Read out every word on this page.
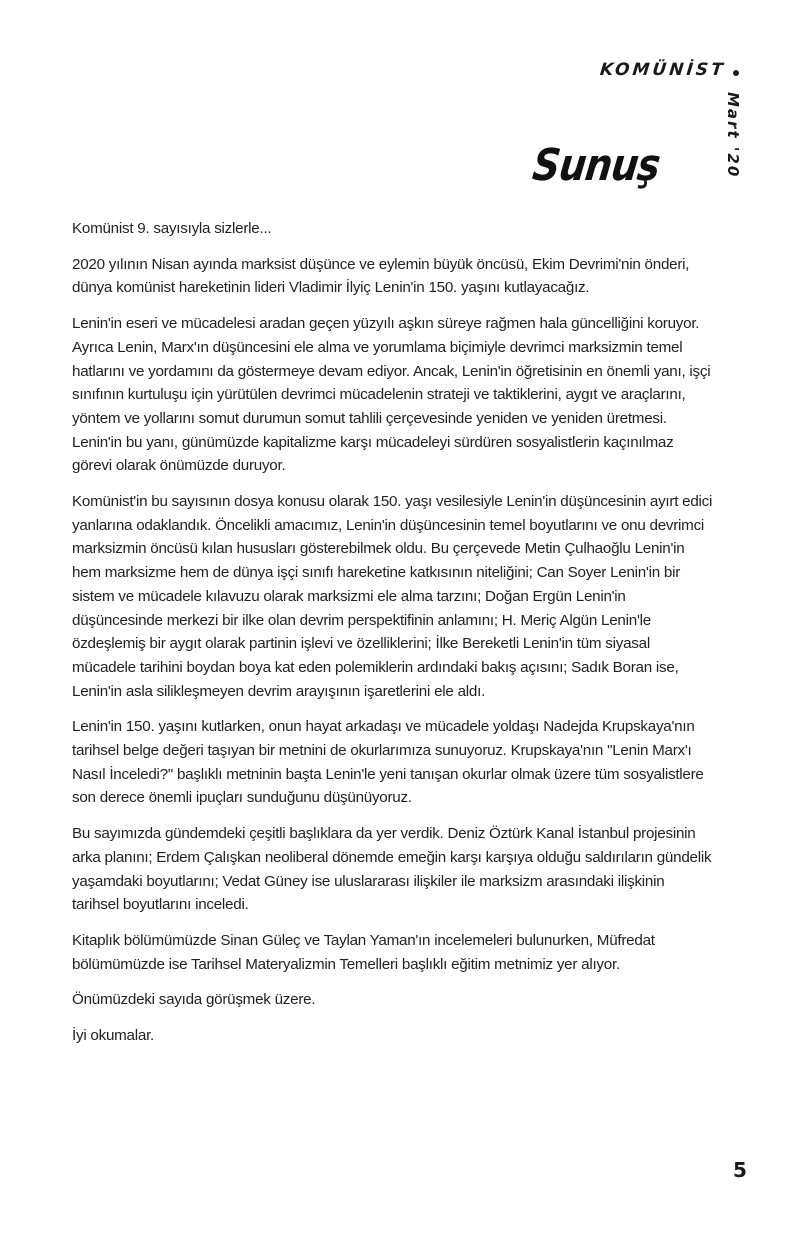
KOMÜNİST
Mart '20
Sunuş

Komünist 9. sayısıyla sizlerle...

2020 yılının Nisan ayında marksist düşünce ve eylemin büyük öncüsü, Ekim Devrimi'nin önderi, dünya komünist hareketinin lideri Vladimir İlyiç Lenin'in 150. yaşını kutlayacağız.

Lenin'in eseri ve mücadelesi aradan geçen yüzyılı aşkın süreye rağmen hala güncelliğini koruyor. Ayrıca Lenin, Marx'ın düşüncesini ele alma ve yorumlama biçimiyle devrimci marksizmin temel hatlarını ve yordamını da göstermeye devam ediyor. Ancak, Lenin'in öğretisinin en önemli yanı, işçi sınıfının kurtuluşu için yürütülen devrimci mücadelenin strateji ve taktiklerini, aygıt ve araçlarını, yöntem ve yollarını somut durumun somut tahlili çerçevesinde yeniden ve yeniden üretmesi. Lenin'in bu yanı, günümüzde kapitalizme karşı mücadeleyi sürdüren sosyalistlerin kaçınılmaz görevi olarak önümüzde duruyor.

Komünist'in bu sayısının dosya konusu olarak 150. yaşı vesilesiyle Lenin'in düşüncesinin ayırt edici yanlarına odaklandık. Öncelikli amacımız, Lenin'in düşüncesinin temel boyutlarını ve onu devrimci marksizmin öncüsü kılan hususları gösterebilmek oldu. Bu çerçevede Metin Çulhaoğlu Lenin'in hem marksizme hem de dünya işçi sınıfı hareketine katkısının niteliğini; Can Soyer Lenin'in bir sistem ve mücadele kılavuzu olarak marksizmi ele alma tarzını; Doğan Ergün Lenin'in düşüncesinde merkezi bir ilke olan devrim perspektifinin anlamını; H. Meriç Algün Lenin'le özdeşlemiş bir aygıt olarak partinin işlevi ve özelliklerini; İlke Bereketli Lenin'in tüm siyasal mücadele tarihini boydan boya kat eden polemiklerin ardındaki bakış açısını; Sadık Boran ise, Lenin'in asla silikleşmeyen devrim arayışının işaretlerini ele aldı.

Lenin'in 150. yaşını kutlarken, onun hayat arkadaşı ve mücadele yoldaşı Nadejda Krupskaya'nın tarihsel belge değeri taşıyan bir metnini de okurlarımıza sunuyoruz. Krupskaya'nın "Lenin Marx'ı Nasıl İnceledi?" başlıklı metninin başta Lenin'le yeni tanışan okurlar olmak üzere tüm sosyalistlere son derece önemli ipuçları sunduğunu düşünüyoruz.

Bu sayımızda gündemdeki çeşitli başlıklara da yer verdik. Deniz Öztürk Kanal İstanbul projesinin arka planını; Erdem Çalışkan neoliberal dönemde emeğin karşı karşıya olduğu saldırıların gündelik yaşamdaki boyutlarını; Vedat Güney ise uluslararası ilişkiler ile marksizm arasındaki ilişkinin tarihsel boyutlarını inceledi.

Kitaplık bölümümüzde Sinan Güleç ve Taylan Yaman'ın incelemeleri bulunurken, Müfredat bölümümüzde ise Tarihsel Materyalizmin Temelleri başlıklı eğitim metnimiz yer alıyor.

Önümüzdeki sayıda görüşmek üzere.

İyi okumalar.

5
